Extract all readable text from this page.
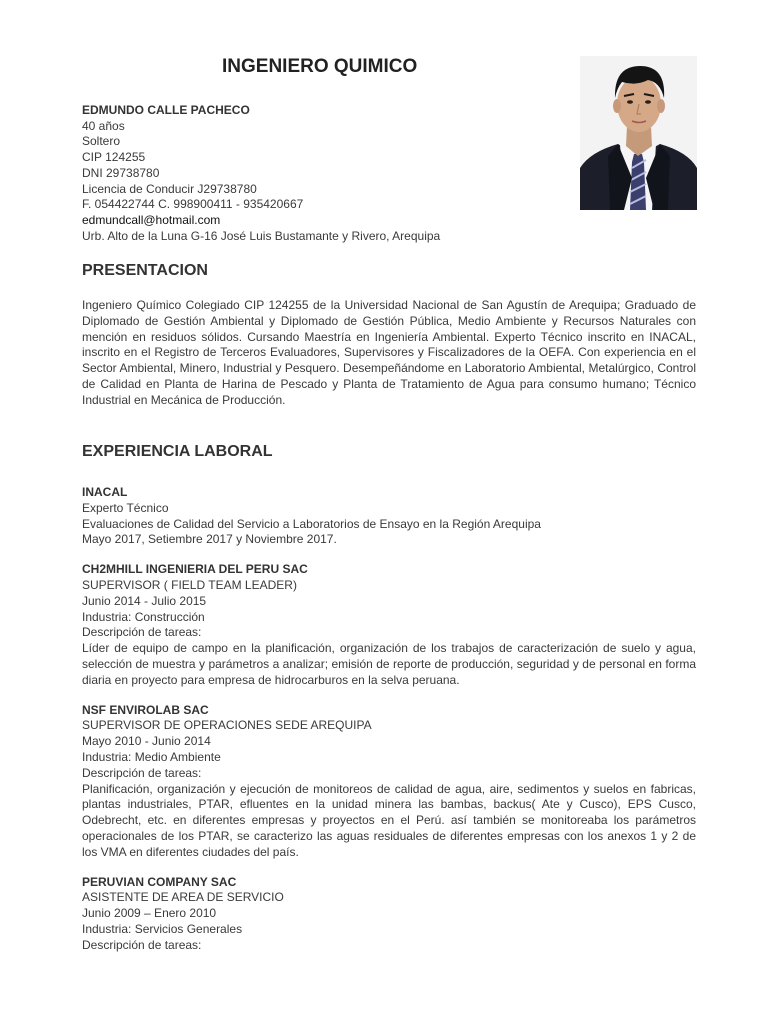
INGENIERO QUIMICO
EDMUNDO CALLE PACHECO
40 años
Soltero
CIP 124255
DNI 29738780
Licencia de Conducir J29738780
F. 054422744 C. 998900411 - 935420667
edmundcall@hotmail.com
Urb. Alto de la Luna G-16 José Luis Bustamante y Rivero, Arequipa
PRESENTACION

Ingeniero Químico Colegiado CIP 124255 de la Universidad Nacional de San Agustín de Arequipa; Graduado de Diplomado de Gestión Ambiental y Diplomado de Gestión Pública, Medio Ambiente y Recursos Naturales con mención en residuos sólidos. Cursando Maestría en Ingeniería Ambiental. Experto Técnico inscrito en INACAL, inscrito en el Registro de Terceros Evaluadores, Supervisores y Fiscalizadores de la OEFA. Con experiencia en el Sector Ambiental, Minero, Industrial y Pesquero. Desempeñándome en Laboratorio Ambiental, Metalúrgico, Control de Calidad en Planta de Harina de Pescado y Planta de Tratamiento de Agua para consumo humano; Técnico Industrial en Mecánica de Producción.

EXPERIENCIA LABORAL
INACAL
Experto Técnico
Evaluaciones de Calidad del Servicio a Laboratorios de Ensayo en la Región Arequipa
Mayo 2017, Setiembre 2017 y Noviembre 2017.
CH2MHILL INGENIERIA DEL PERU SAC
SUPERVISOR ( FIELD TEAM LEADER)
Junio 2014 - Julio 2015
Industria: Construcción
Descripción de tareas:
Líder de equipo de campo en la planificación, organización de los trabajos de caracterización de suelo y agua, selección de muestra y parámetros a analizar; emisión de reporte de producción, seguridad y de personal en forma diaria en proyecto para empresa de hidrocarburos en la selva peruana.
NSF ENVIROLAB SAC
SUPERVISOR DE OPERACIONES SEDE AREQUIPA
Mayo 2010 - Junio 2014
Industria: Medio Ambiente
Descripción de tareas:
Planificación, organización y ejecución de monitoreos de calidad de agua, aire, sedimentos y suelos en fabricas, plantas industriales, PTAR, efluentes en la unidad minera las bambas, backus( Ate y Cusco), EPS Cusco, Odebrecht, etc. en diferentes empresas y proyectos en el Perú. así también se monitoreaba los parámetros operacionales de los PTAR, se caracterizo las aguas residuales de diferentes empresas con los anexos 1 y 2 de los VMA en diferentes ciudades del país.
PERUVIAN COMPANY SAC
ASISTENTE DE AREA DE SERVICIO
Junio 2009 – Enero 2010
Industria: Servicios Generales
Descripción de tareas:
